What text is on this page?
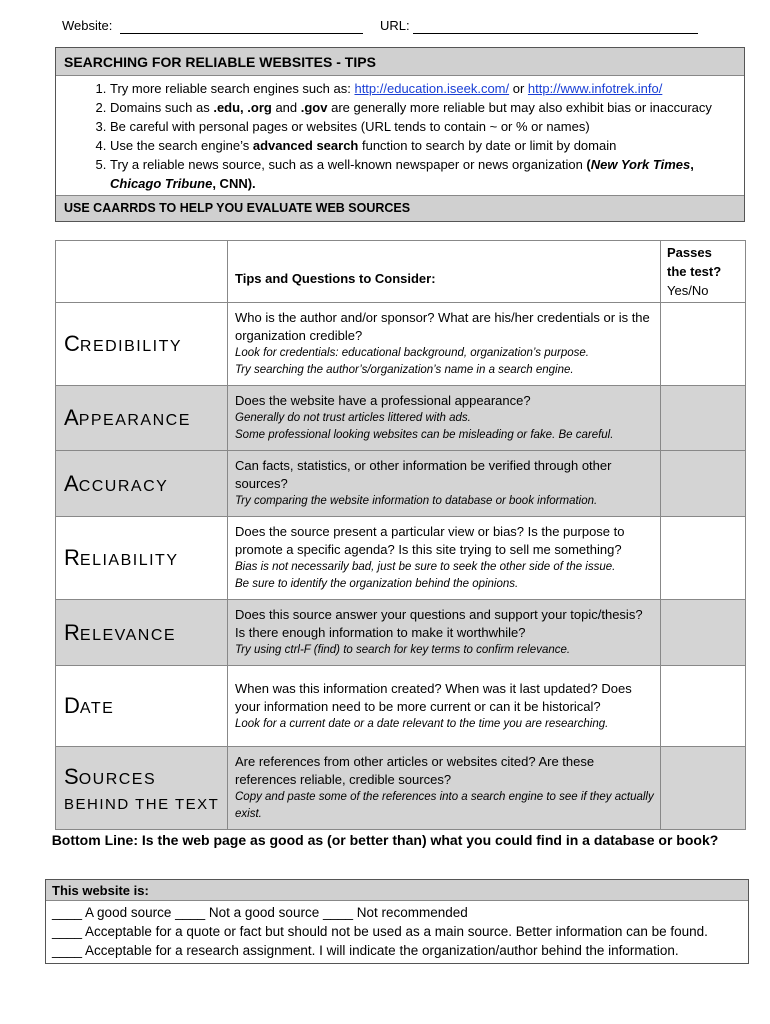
Website:	URL:
SEARCHING FOR RELIABLE WEBSITES - TIPS
1. Try more reliable search engines such as: http://education.iseek.com/ or http://www.infotrek.info/
2. Domains such as .edu, .org and .gov are generally more reliable but may also exhibit bias or inaccuracy
3. Be careful with personal pages or websites (URL tends to contain ~ or % or names)
4. Use the search engine’s advanced search function to search by date or limit by domain
5. Try a reliable news source, such as a well-known newspaper or news organization (New York Times, Chicago Tribune, CNN).
USE CAARRDS TO HELP YOU EVALUATE WEB SOURCES
	Tips and Questions to Consider:	Passes
the test?
Yes/No
CREDIBILITY	Who is the author and/or sponsor? What are his/her credentials or is the organization credible?
Look for credentials: educational background, organization’s purpose.
Try searching the author’s/organization’s name in a search engine.	

APPEARANCE	Does the website have a professional appearance?
Generally do not trust articles littered with ads.
Some professional looking websites can be misleading or fake. Be careful.	

ACCURACY	Can facts, statistics, or other information be verified through other sources?
Try comparing the website information to database or book information.	

RELIABILITY	Does the source present a particular view or bias? Is the purpose to promote a specific agenda? Is this site trying to sell me something?
Bias is not necessarily bad, just be sure to seek the other side of the issue.
Be sure to identify the organization behind the opinions.	

RELEVANCE	Does this source answer your questions and support your topic/thesis? Is there enough information to make it worthwhile?
Try using ctrl-F (find) to search for key terms to confirm relevance.	

DATE	When was this information created? When was it last updated? Does your information need to be more current or can it be historical?
Look for a current date or a date relevant to the time you are researching.	

SOURCES
BEHIND THE TEXT	Are references from other articles or websites cited? Are these references reliable, credible sources?
Copy and paste some of the references into a search engine to see if they actually exist.	

Bottom Line: Is the web page as good as (or better than) what you could find in a database or book?
This website is:
____ A good source ____ Not a good source ____ Not recommended
____ Acceptable for a quote or fact but should not be used as a main source. Better information can be found.
____ Acceptable for a research assignment. I will indicate the organization/author behind the information.
